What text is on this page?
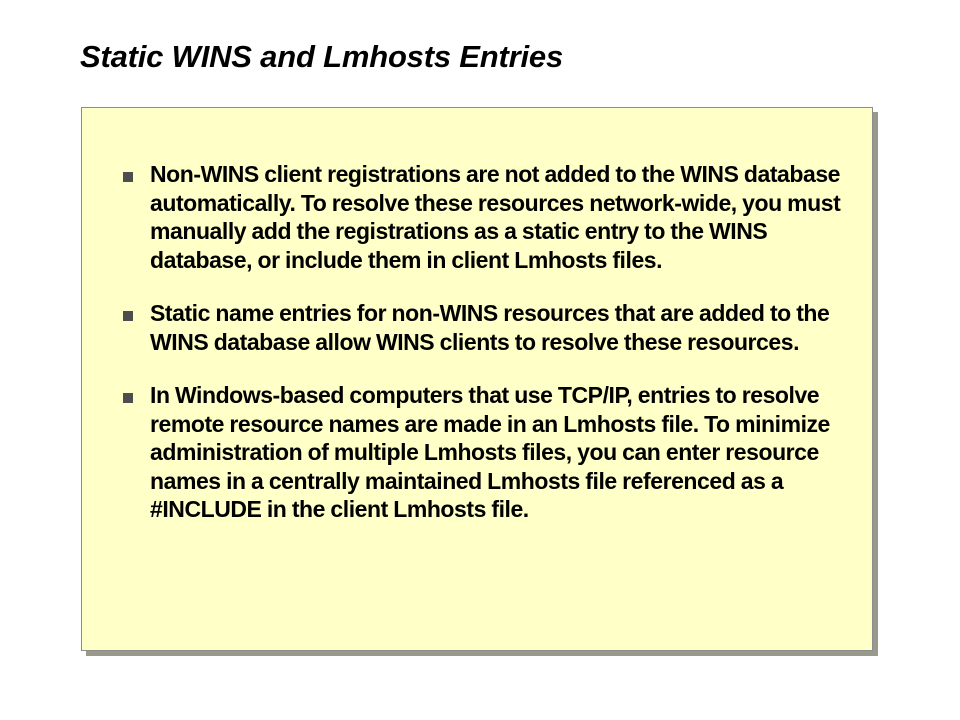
Static WINS and Lmhosts Entries
Non-WINS client registrations are not added to the WINS database automatically. To resolve these resources network-wide, you must manually add the registrations as a static entry to the WINS database, or include them in client Lmhosts files.
Static name entries for non-WINS resources that are added to the WINS database allow WINS clients to resolve these resources.
In Windows-based computers that use TCP/IP, entries to resolve remote resource names are made in an Lmhosts file. To minimize administration of multiple Lmhosts files, you can enter resource names in a centrally maintained Lmhosts file referenced as a #INCLUDE in the client Lmhosts file.
